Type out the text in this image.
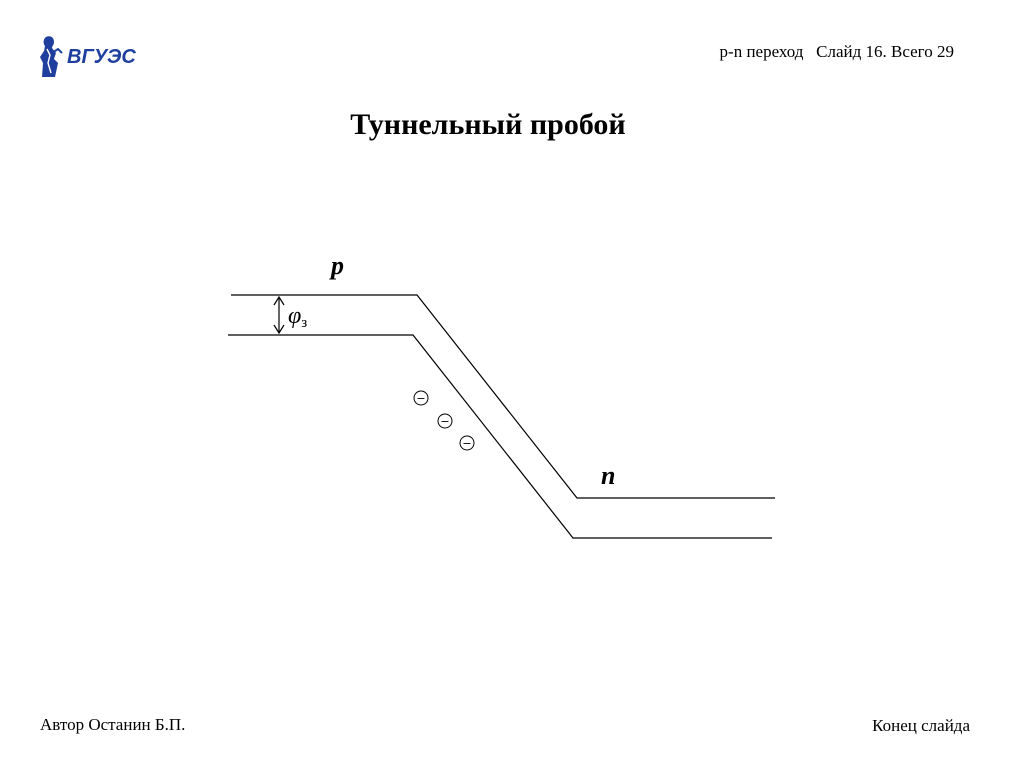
ВГУЭС	p-n переход   Слайд 16. Всего 29
Туннельный пробой
φз
p
n
−
−
−
Автор Останин Б.П.	Конец слайда
